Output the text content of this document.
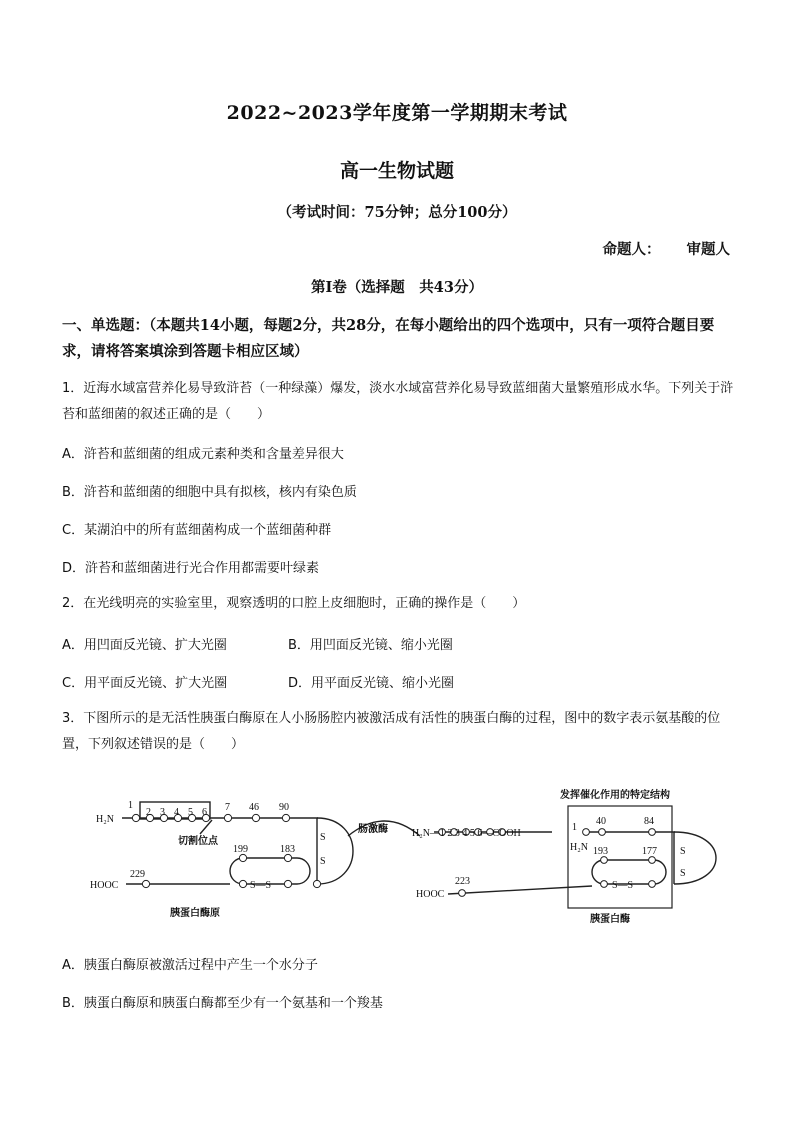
2022~2023学年度第一学期期末考试
高一生物试题

（考试时间：75分钟；总分100分）

命题人： 审题人

第I卷（选择题　共43分）

一、单选题：（本题共14小题，每题2分，共28分，在每小题给出的四个选项中，只有一项符合题目要求，请将答案填涂到答题卡相应区域）

1．近海水域富营养化易导致浒苔（一种绿藻）爆发，淡水水域富营养化易导致蓝细菌大量繁殖形成水华。下列关于浒苔和蓝细菌的叙述正确的是（　　）

A．浒苔和蓝细菌的组成元素种类和含量差异很大

B．浒苔和蓝细菌的细胞中具有拟核，核内有染色质

C．某湖泊中的所有蓝细菌构成一个蓝细菌种群

D．浒苔和蓝细菌进行光合作用都需要叶绿素

2．在光线明亮的实验室里，观察透明的口腔上皮细胞时，正确的操作是（　　）

A．用凹面反光镜、扩大光圈	B．用凹面反光镜、缩小光圈

C．用平面反光镜、扩大光圈	D．用平面反光镜、缩小光圈

3．下图所示的是无活性胰蛋白酶原在人小肠肠腔内被激活成有活性的胰蛋白酶的过程，图中的数字表示氨基酸的位置，下列叙述错误的是（　　）

H₂N
1
2 3 4 5 6 7 46 90
199	183
229
S
S
S—S
HOOC
切割位点
胰蛋白酶原
肠激酶 H₂N—1 2 3 4 5 6—COOH
发挥催化作用的特定结构
1
40	84
193	177
223
H₂N	S
S
S—S
HOOC
胰蛋白酶

A．胰蛋白酶原被激活过程中产生一个水分子

B．胰蛋白酶原和胰蛋白酶都至少有一个氨基和一个羧基
